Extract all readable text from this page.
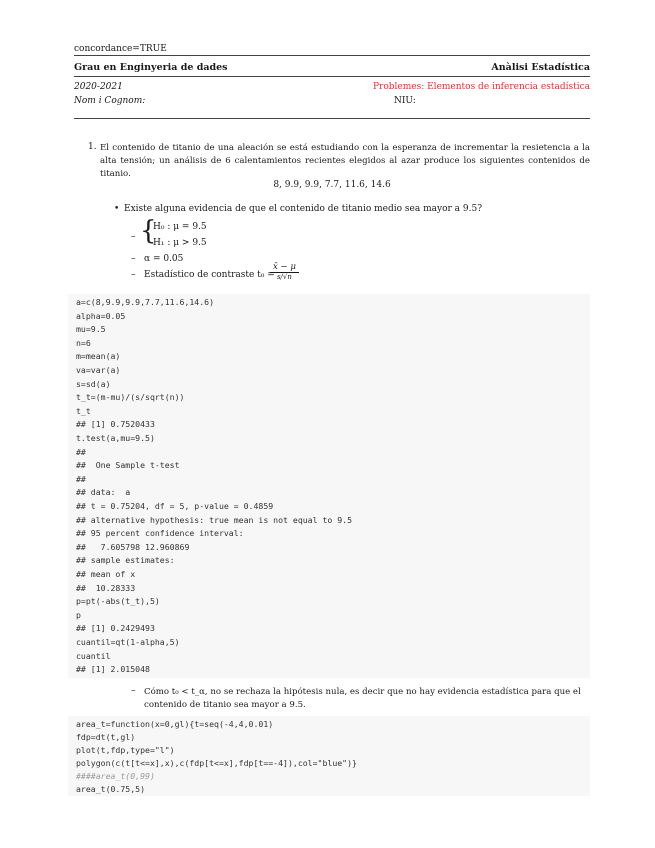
concordance=TRUE
Grau en Enginyeria de dades	Anàlisi Estadística
2020-2021	Problemes: Elementos de inferencia estadística
Nom i Cognom:	NIU:
1. El contenido de titanio de una aleación se está estudiando con la esperanza de incrementar la resietencia a la alta tensión; un análisis de 6 calentamientos recientes elegidos al azar produce los siguientes contenidos de titanio.
8, 9.9, 9.9, 7.7, 11.6, 14.6
• Existe alguna evidencia de que el contenido de titanio medio sea mayor a 9.5?
– {
H₀ : μ = 9.5
H₁ : μ > 9.5
– α = 0.05
– Estadístico de contraste t₀ =
x̄ − μ
s/√n
a=c(8,9.9,9.9,7.7,11.6,14.6)
alpha=0.05
mu=9.5
n=6
m=mean(a)
va=var(a)
s=sd(a)
t_t=(m-mu)/(s/sqrt(n))
t_t
## [1] 0.7520433
t.test(a,mu=9.5)
##
##  One Sample t-test
##
## data:  a
## t = 0.75204, df = 5, p-value = 0.4859
## alternative hypothesis: true mean is not equal to 9.5
## 95 percent confidence interval:
##   7.605798 12.960869
## sample estimates:
## mean of x
##  10.28333
p=pt(-abs(t_t),5)
p
## [1] 0.2429493
cuantil=qt(1-alpha,5)
cuantil
## [1] 2.015048
– Cómo t₀ < t_α, no se rechaza la hipótesis nula, es decir que no hay evidencia estadística para que el contenido de titanio sea mayor a 9.5.
area_t=function(x=0,gl){t=seq(-4,4,0.01)
fdp=dt(t,gl)
plot(t,fdp,type="l")
polygon(c(t[t<=x],x),c(fdp[t<=x],fdp[t==-4]),col="blue")}
####area_t(0,99)
area_t(0.75,5)
